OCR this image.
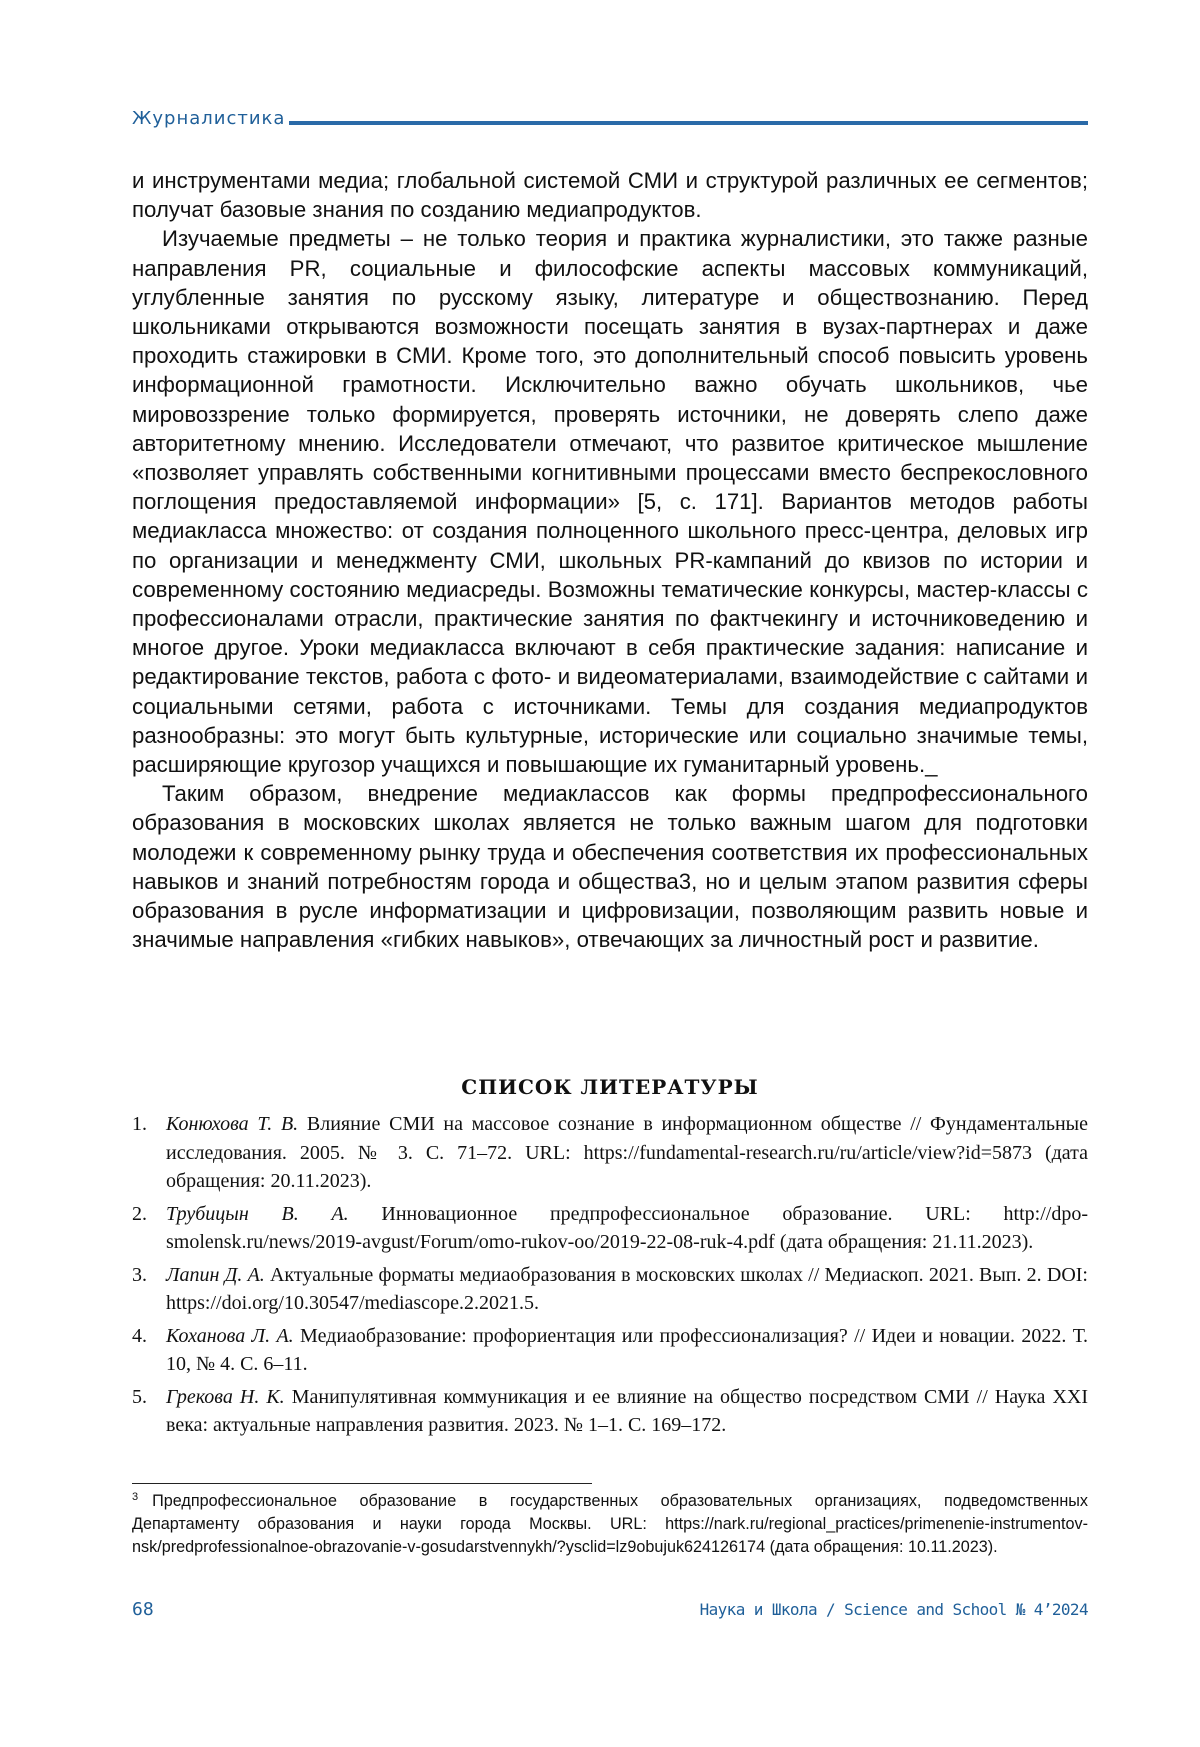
Журналистика

и инструментами медиа; глобальной системой СМИ и структурой различных ее сегментов; получат базовые знания по созданию медиапродуктов.

Изучаемые предметы – не только теория и практика журналистики, это также разные направления PR, социальные и философские аспекты массовых коммуникаций, углубленные занятия по русскому языку, литературе и обществознанию. Перед школьниками открываются возможности посещать занятия в вузах-партнерах и даже проходить стажировки в СМИ. Кроме того, это дополнительный способ повысить уровень информационной грамотности. Исключительно важно обучать школьников, чье мировоззрение только формируется, проверять источники, не доверять слепо даже авторитетному мнению. Исследователи отмечают, что развитое критическое мышление «позволяет управлять собственными когнитивными процессами вместо беспрекословного поглощения предоставляемой информации» [5, с. 171]. Вариантов методов работы медиакласса множество: от создания полноценного школьного пресс-центра, деловых игр по организации и менеджменту СМИ, школьных PR-кампаний до квизов по истории и современному состоянию медиасреды. Возможны тематические конкурсы, мастер-классы с профессионалами отрасли, практические занятия по фактчекингу и источниковедению и многое другое. Уроки медиакласса включают в себя практические задания: написание и редактирование текстов, работа с фото- и видеоматериалами, взаимодействие с сайтами и социальными сетями, работа с источниками. Темы для создания медиапродуктов разнообразны: это могут быть культурные, исторические или социально значимые темы, расширяющие кругозор учащихся и повышающие их гуманитарный уровень._

Таким образом, внедрение медиаклассов как формы предпрофессионального образования в московских школах является не только важным шагом для подготовки молодежи к современному рынку труда и обеспечения соответствия их профессиональных навыков и знаний потребностям города и общества3, но и целым этапом развития сферы образования в русле информатизации и цифровизации, позволяющим развить новые и значимые направления «гибких навыков», отвечающих за личностный рост и развитие.

СПИСОК ЛИТЕРАТУРЫ
1. Конюхова Т. В. Влияние СМИ на массовое сознание в информационном обществе // Фундаментальные исследования. 2005. № 3. С. 71–72. URL: https://fundamental-research.ru/ru/article/view?id=5873 (дата обращения: 20.11.2023).
2. Трубицын В. А. Инновационное предпрофессиональное образование. URL: http://dpo-smolensk.ru/news/2019-avgust/Forum/omo-rukov-oo/2019-22-08-ruk-4.pdf (дата обращения: 21.11.2023).
3. Лапин Д. А. Актуальные форматы медиаобразования в московских школах // Медиаскоп. 2021. Вып. 2. DOI: https://doi.org/10.30547/mediascope.2.2021.5.
4. Коханова Л. А. Медиаобразование: профориентация или профессионализация? // Идеи и новации. 2022. Т. 10, № 4. С. 6–11.
5. Грекова Н. К. Манипулятивная коммуникация и ее влияние на общество посредством СМИ // Наука XXI века: актуальные направления развития. 2023. № 1–1. С. 169–172.
$^3$ Предпрофессиональное образование в государственных образовательных организациях, подведомственных Департаменту образования и науки города Москвы. URL: https://nark.ru/regional_practices/primenenie-instrumentov-nsk/predprofessionalnoe-obrazovanie-v-gosudarstvennykh/?ysclid=lz9obujuk624126174 (дата обращения: 10.11.2023).
68	Наука и Школа / Science and School № 4’2024
